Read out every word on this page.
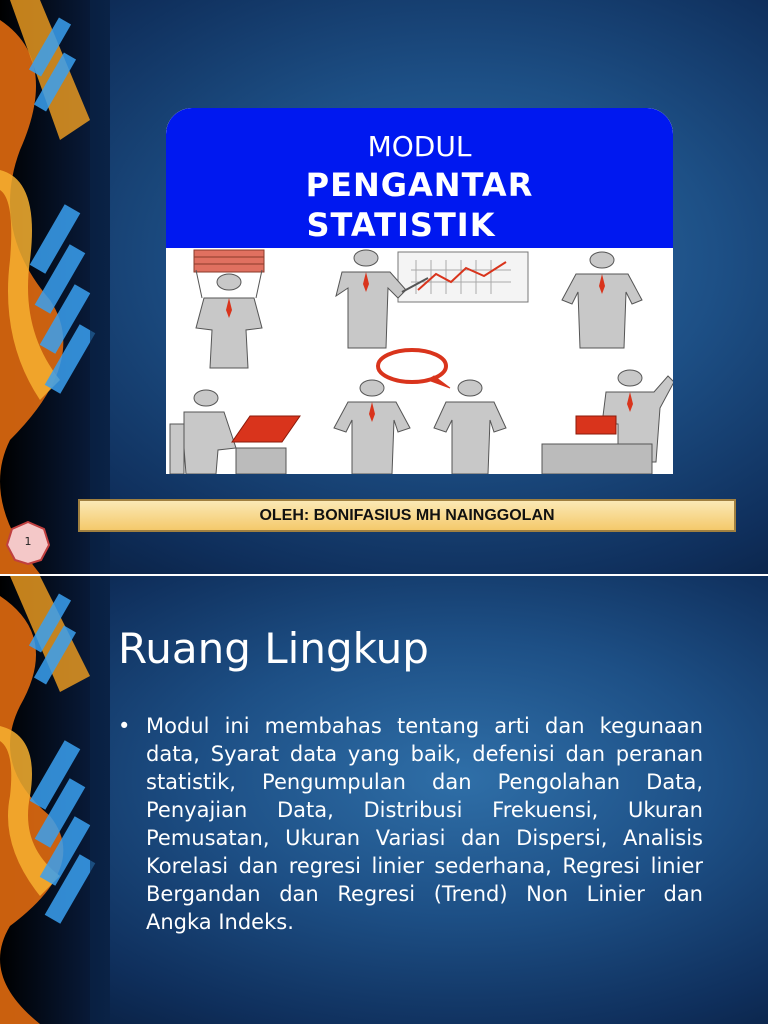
MODUL
PENGANTAR
STATISTIK
OLEH: BONIFASIUS MH NAINGGOLAN
1
Ruang Lingkup
• Modul ini membahas tentang arti dan kegunaan data, Syarat data yang baik, defenisi dan peranan statistik, Pengumpulan dan Pengolahan Data, Penyajian Data, Distribusi Frekuensi, Ukuran Pemusatan, Ukuran Variasi dan Dispersi, Analisis Korelasi dan regresi linier sederhana, Regresi linier Bergandan dan Regresi (Trend) Non Linier dan Angka Indeks.
